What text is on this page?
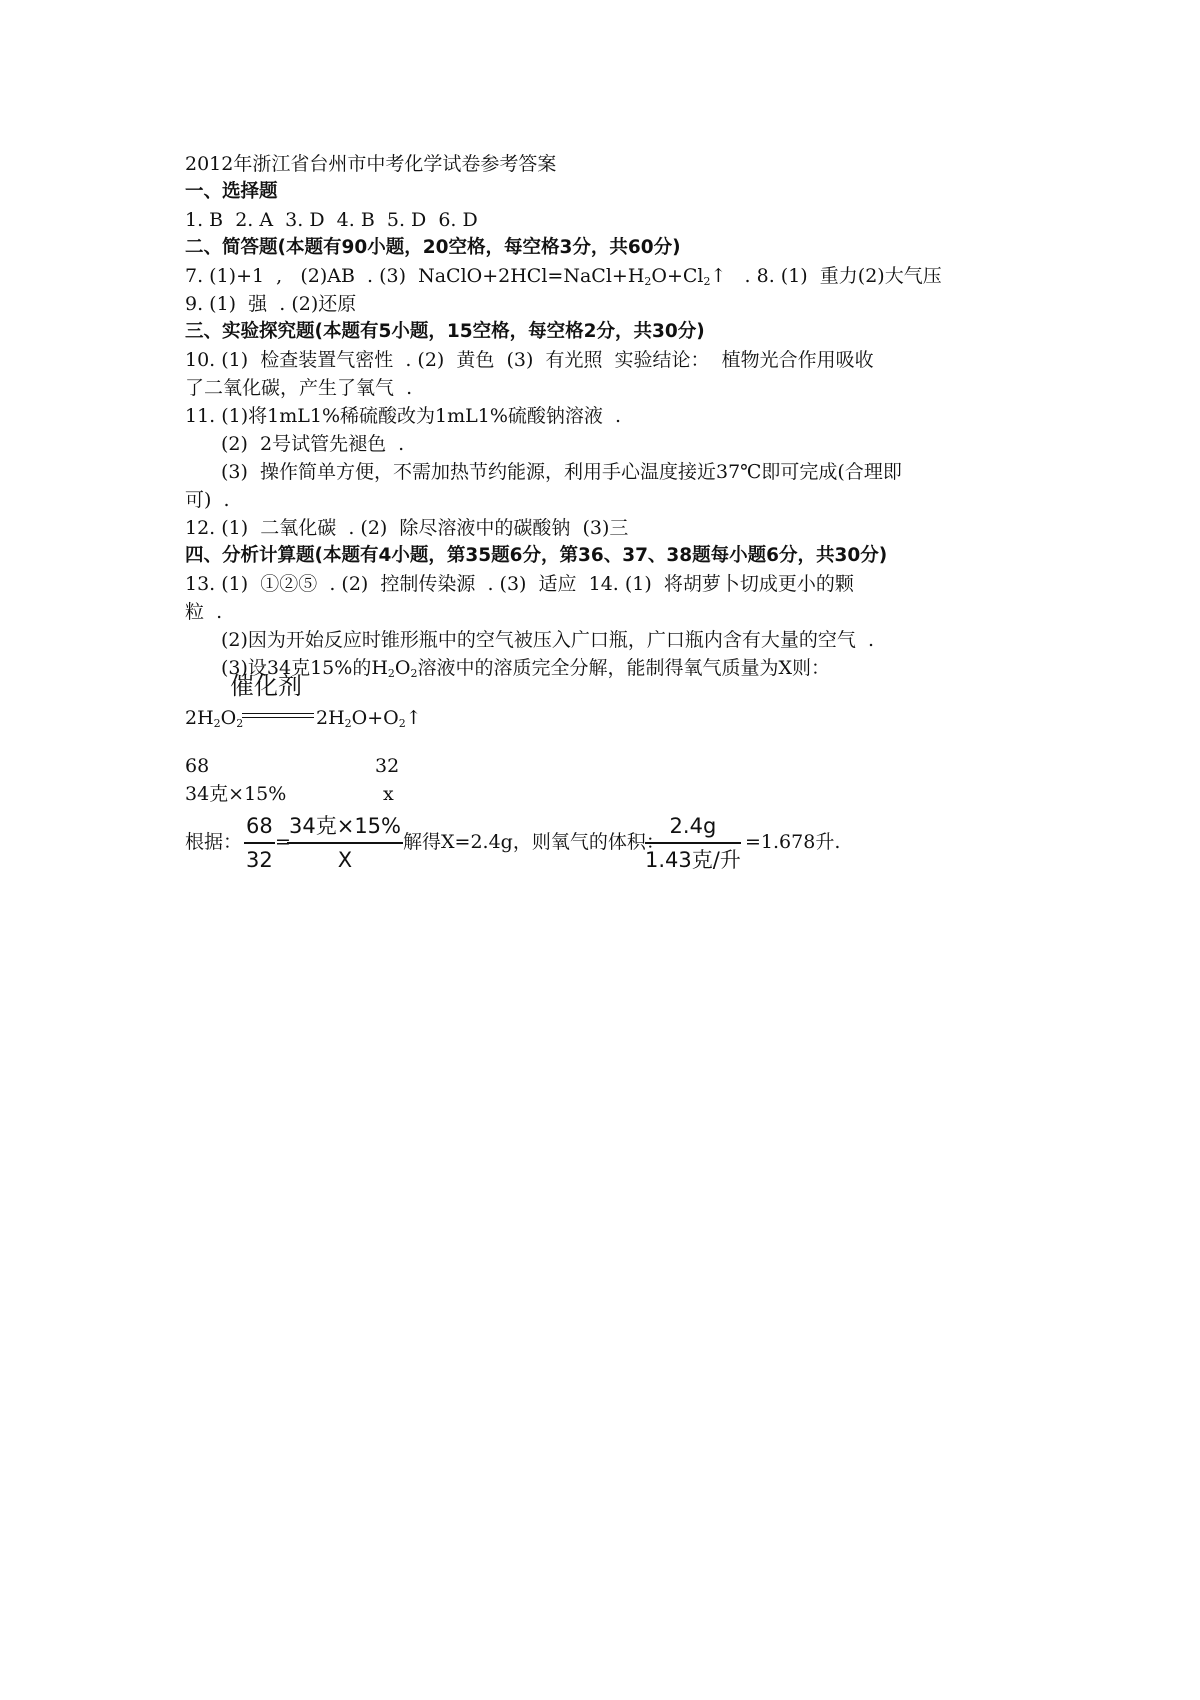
2012年浙江省台州市中考化学试卷参考答案
一、选择题
1. B  2. A  3. D  4. B  5. D  6. D
二、简答题(本题有90小题，20空格，每空格3分，共60分)
7. (1)+1  ,   (2)AB  . (3)  $NaClO+2HCl=NaCl+H_2O+Cl_2↑$   . 8. (1)  重力(2)大气压
9. (1)  强  . (2)还原
三、实验探究题(本题有5小题，15空格，每空格2分，共30分)
10. (1)  检查装置气密性  . (2)  黄色  (3)  有光照  实验结论：  植物光合作用吸收
了二氧化碳，产生了氧气  .
11. (1)将1mL1%稀硫酸改为1mL1%硫酸钠溶液  .
(2)  2号试管先褪色  .
(3)  操作简单方便，不需加热节约能源，利用手心温度接近37℃即可完成(合理即
可)  .
12. (1)  二氧化碳  . (2)  除尽溶液中的碳酸钠  (3)三
四、分析计算题(本题有4小题，第35题6分，第36、37、38题每小题6分，共30分)
13. (1)  ①②⑤  . (2)  控制传染源  . (3)  适应  14. (1)  将胡萝卜切成更小的颗
粒  .
(2)因为开始反应时锥形瓶中的空气被压入广口瓶，广口瓶内含有大量的空气  .
(3)设34克15%的$H_2O_2$溶液中的溶质完全分解，能制得氧气质量为X则：
催化剂
$2H_2O_2$	$2H_2O+O_2↑$
68	32
34克×15%	x
根据： $\frac{68}{32}$ =
34克×15%
X
解得X=2.4g，则氧气的体积：
2.4g
1.43克/升
=1.678升.
